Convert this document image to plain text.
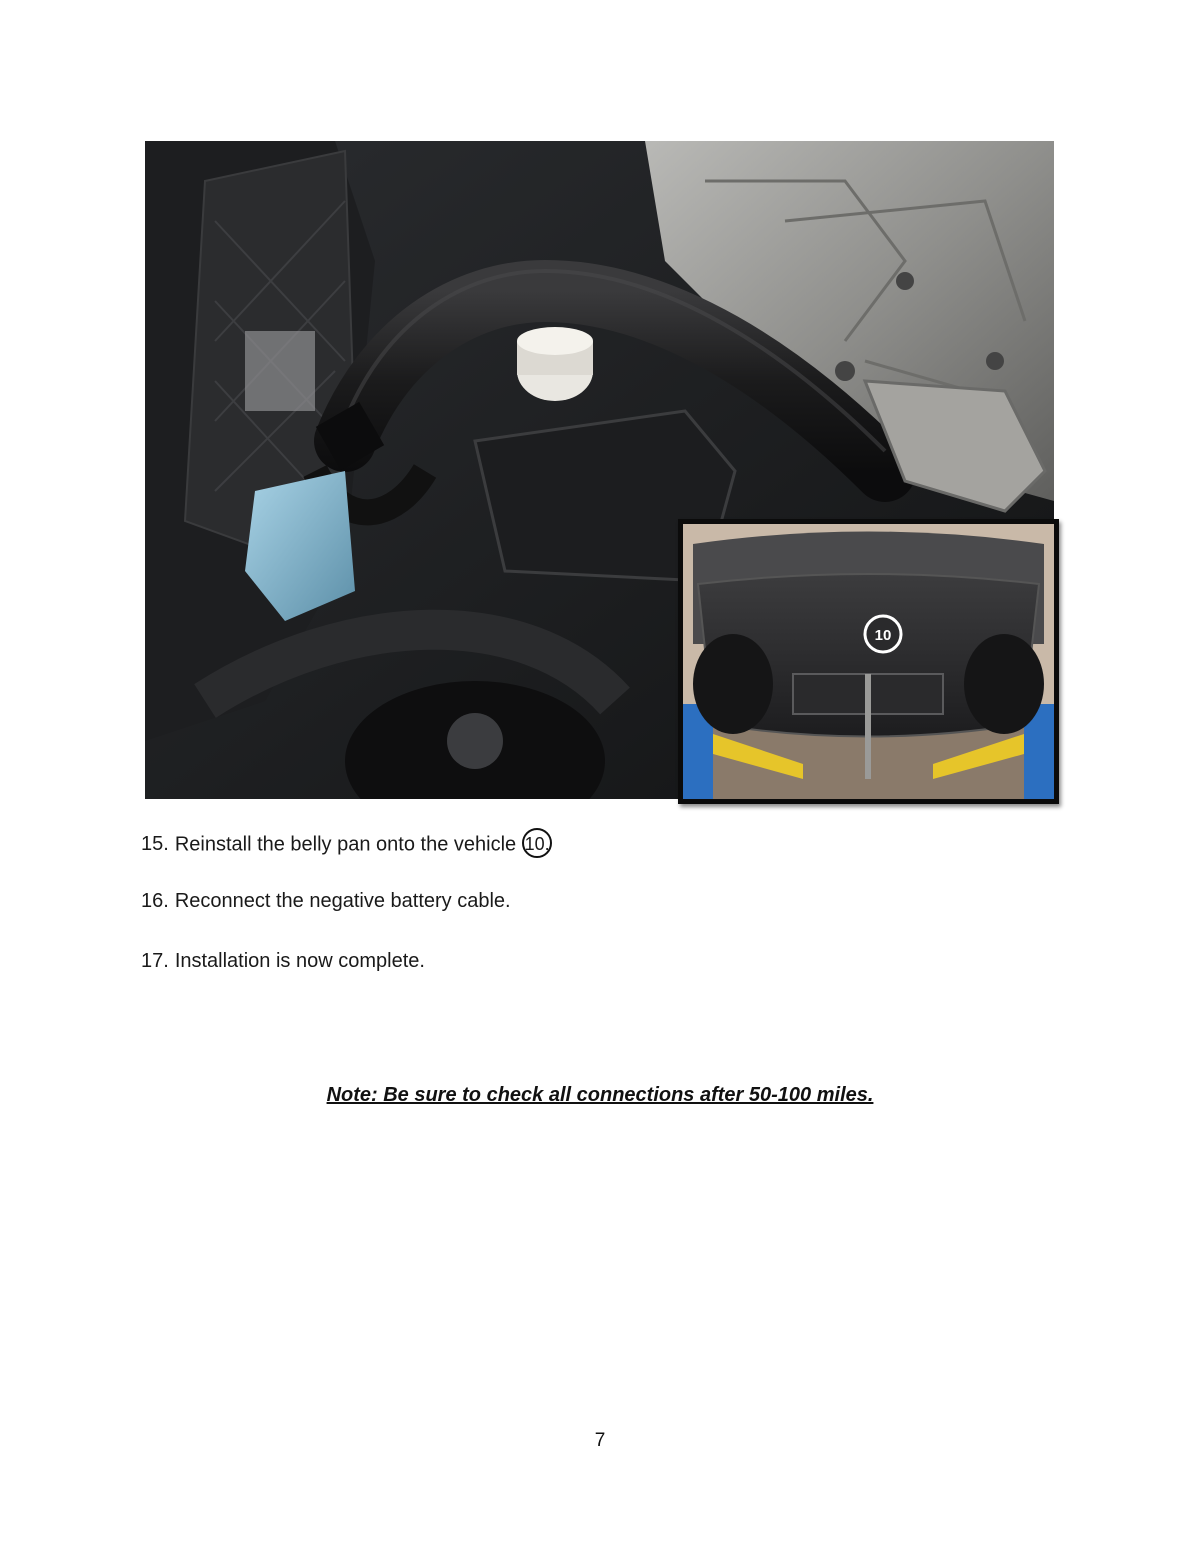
10
15. Reinstall the belly pan onto the vehicle 10.
16. Reconnect the negative battery cable.
17. Installation is now complete.
Note: Be sure to check all connections after 50-100 miles.
7
